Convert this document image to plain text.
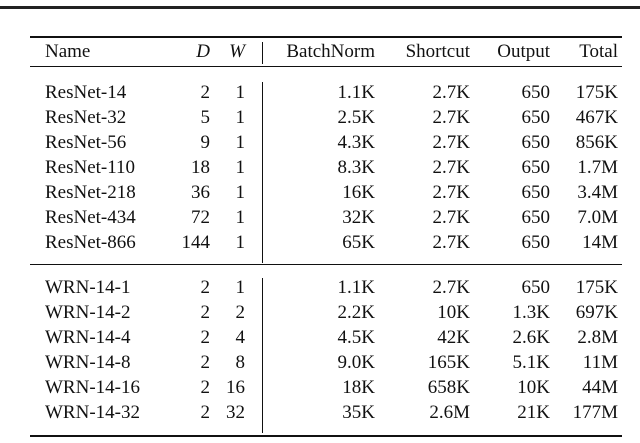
Name	D W BatchNorm Shortcut Output Total
ResNet-14	2 1	1.1K	2.7K	650 175K
ResNet-32	5 1	2.5K	2.7K	650 467K
ResNet-56	9 1	4.3K	2.7K	650 856K
ResNet-110	18 1	8.3K	2.7K	650 1.7M
ResNet-218	36 1	16K	2.7K	650 3.4M
ResNet-434	72 1	32K	2.7K	650 7.0M
ResNet-866 144 1	65K	2.7K	650 14M
WRN-14-1	2 1	1.1K	2.7K	650 175K
WRN-14-2	2 2	2.2K	10K 1.3K 697K
WRN-14-4	2 4	4.5K	42K 2.6K 2.8M
WRN-14-8	2 8	9.0K	165K 5.1K 11M
WRN-14-16	2 16	18K	658K 10K 44M
WRN-14-32	2 32	35K	2.6M 21K 177M
